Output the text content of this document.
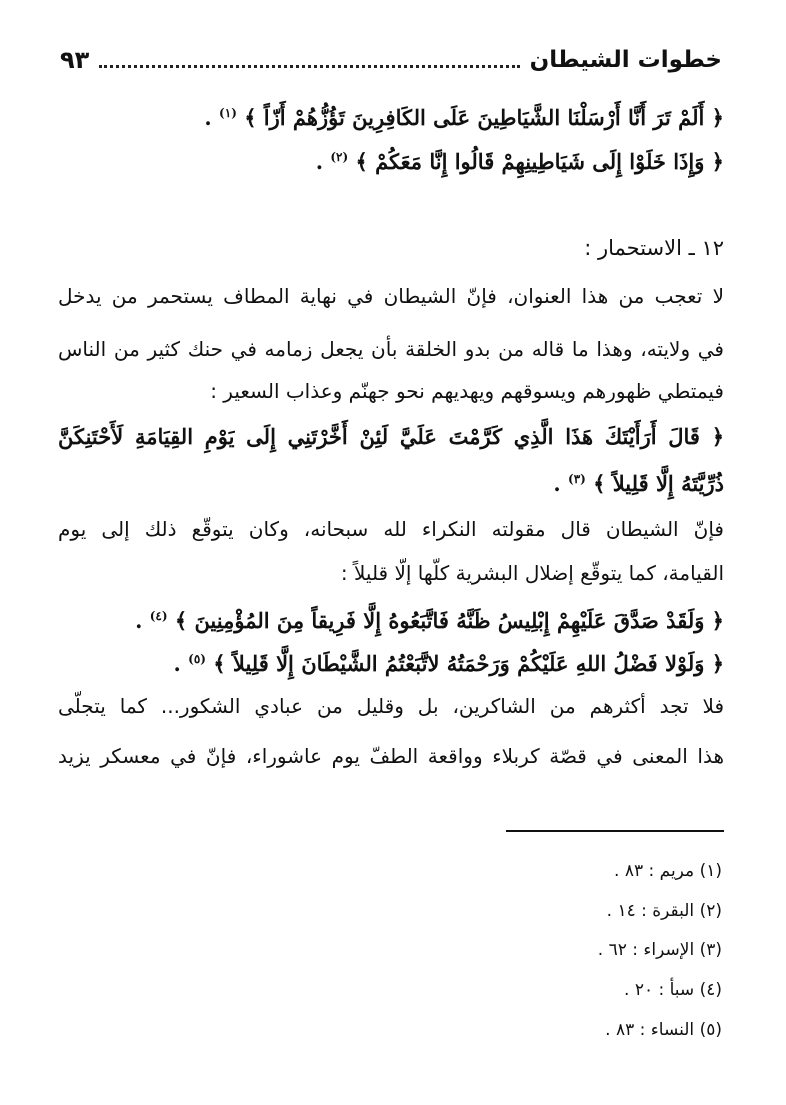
خطوات الشيطان
٩٣
﴿ أَلَمْ تَرَ أَنَّا أَرْسَلْنَا الشَّيَاطِينَ عَلَى الكَافِرِينَ تَؤُزُّهُمْ أَزّاً ﴾ $^{(١)}$ .
﴿ وَإِذَا خَلَوْا إِلَى شَيَاطِينِهِمْ قَالُوا إِنَّا مَعَكُمْ ﴾ $^{(٢)}$ .
١٢ ـ الاستحمار :
لا تعجب من هذا العنوان، فإنّ الشيطان في نهاية المطاف يستحمر من يدخل
في ولايته، وهذا ما قاله من بدو الخلقة بأن يجعل زمامه في حنك كثير من الناس
فيمتطي ظهورهم ويسوقهم ويهديهم نحو جهنّم وعذاب السعير :
﴿ قَالَ أَرَأَيْتَكَ هَذَا الَّذِي كَرَّمْتَ عَلَيَّ لَئِنْ أَخَّرْتَنِي إِلَى يَوْمِ القِيَامَةِ لَأَحْتَنِكَنَّ
ذُرِّيَّتَهُ إِلَّا قَلِيلاً ﴾ $^{(٣)}$ .
فإنّ الشيطان قال مقولته النكراء لله سبحانه، وكان يتوقّع ذلك إلى يوم
القيامة، كما يتوقّع إضلال البشرية كلّها إلّا قليلاً :
﴿ وَلَقَدْ صَدَّقَ عَلَيْهِمْ إِبْلِيسُ ظَنَّهُ فَاتَّبَعُوهُ إِلَّا فَرِيقاً مِنَ المُؤْمِنِينَ ﴾ $^{(٤)}$ .
﴿ وَلَوْلا فَضْلُ اللهِ عَلَيْكُمْ وَرَحْمَتُهُ لاتَّبَعْتُمُ الشَّيْطَانَ إِلَّا قَلِيلاً ﴾ $^{(٥)}$ .
فلا تجد أكثرهم من الشاكرين، بل وقليل من عبادي الشكور... كما يتجلّى
هذا المعنى في قصّة كربلاء وواقعة الطفّ يوم عاشوراء، فإنّ في معسكر يزيد
(١) مريم : ٨٣ .
(٢) البقرة : ١٤ .
(٣) الإسراء : ٦٢ .
(٤) سبأ : ٢٠ .
(٥) النساء : ٨٣ .
